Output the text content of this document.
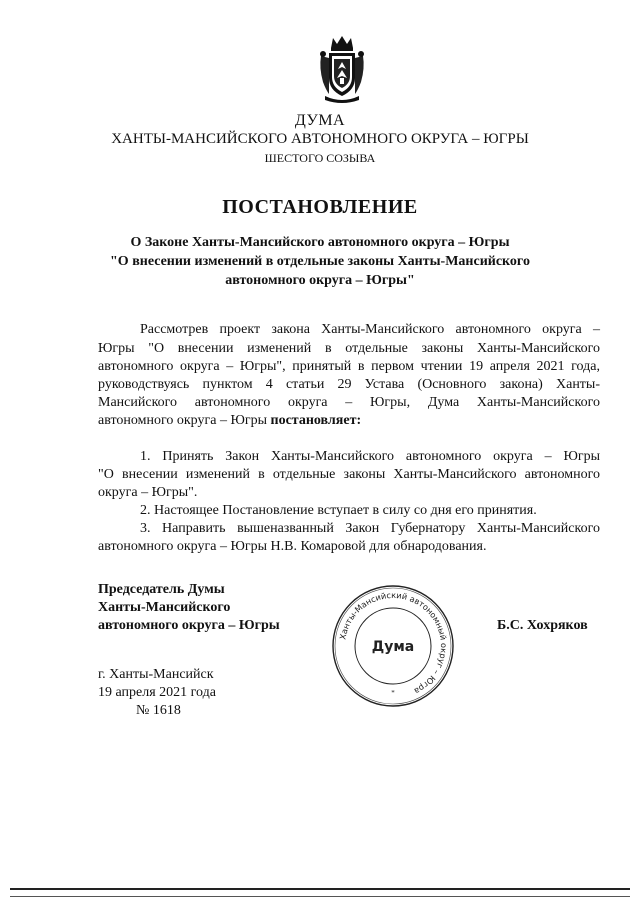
ДУМА
ХАНТЫ-МАНСИЙСКОГО АВТОНОМНОГО ОКРУГА – ЮГРЫ
ШЕСТОГО СОЗЫВА
ПОСТАНОВЛЕНИЕ
О Законе Ханты-Мансийского автономного округа – Югры
"О внесении изменений в отдельные законы Ханты-Мансийского
автономного округа – Югры"
Рассмотрев проект закона Ханты-Мансийского автономного округа –
Югры "О внесении изменений в отдельные законы Ханты-Мансийского
автономного округа – Югры", принятый в первом чтении 19 апреля 2021 года,
руководствуясь пунктом 4 статьи 29 Устава (Основного закона) Ханты-
Мансийского автономного округа – Югры, Дума Ханты-Мансийского
автономного округа – Югры постановляет:
1. Принять Закон Ханты-Мансийского автономного округа – Югры
"О внесении изменений в отдельные законы Ханты-Мансийского автономного
округа – Югры".
2. Настоящее Постановление вступает в силу со дня его принятия.
3. Направить вышеназванный Закон Губернатору Ханты-Мансийского
автономного округа – Югры Н.В. Комаровой для обнародования.
Председатель Думы
Ханты-Мансийского
автономного округа – Югры	Б.С. Хохряков
Ханты-Мансийский автономный округ – Югра
Дума
*
г. Ханты-Мансийск
19 апреля 2021 года
№ 1618
